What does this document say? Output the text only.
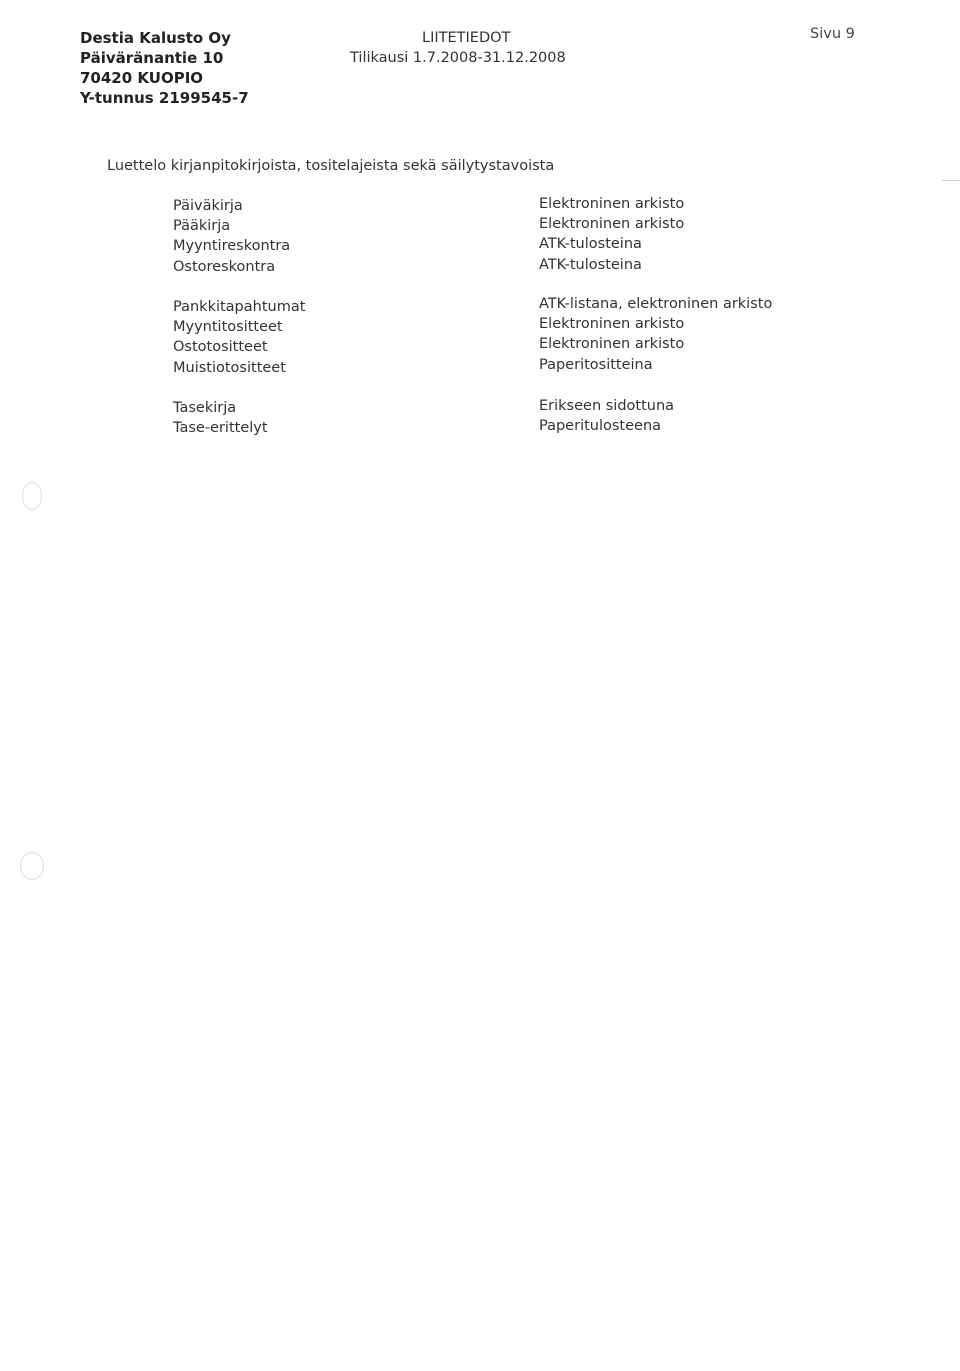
Destia Kalusto Oy
Päiväränantie 10
70420 KUOPIO
Y-tunnus 2199545-7
LIITETIEDOT
Tilikausi 1.7.2008-31.12.2008
Sivu 9
Luettelo kirjanpitokirjoista, tositelajeista sekä säilytystavoista
Päiväkirja
Pääkirja
Myyntireskontra
Ostoreskontra
Pankkitapahtumat
Myyntitositteet
Ostotositteet
Muistiotositteet
Tasekirja
Tase-erittelyt
Elektroninen arkisto
Elektroninen arkisto
ATK-tulosteina
ATK-tulosteina
ATK-listana, elektroninen arkisto
Elektroninen arkisto
Elektroninen arkisto
Paperitositteina
Erikseen sidottuna
Paperitulosteena
